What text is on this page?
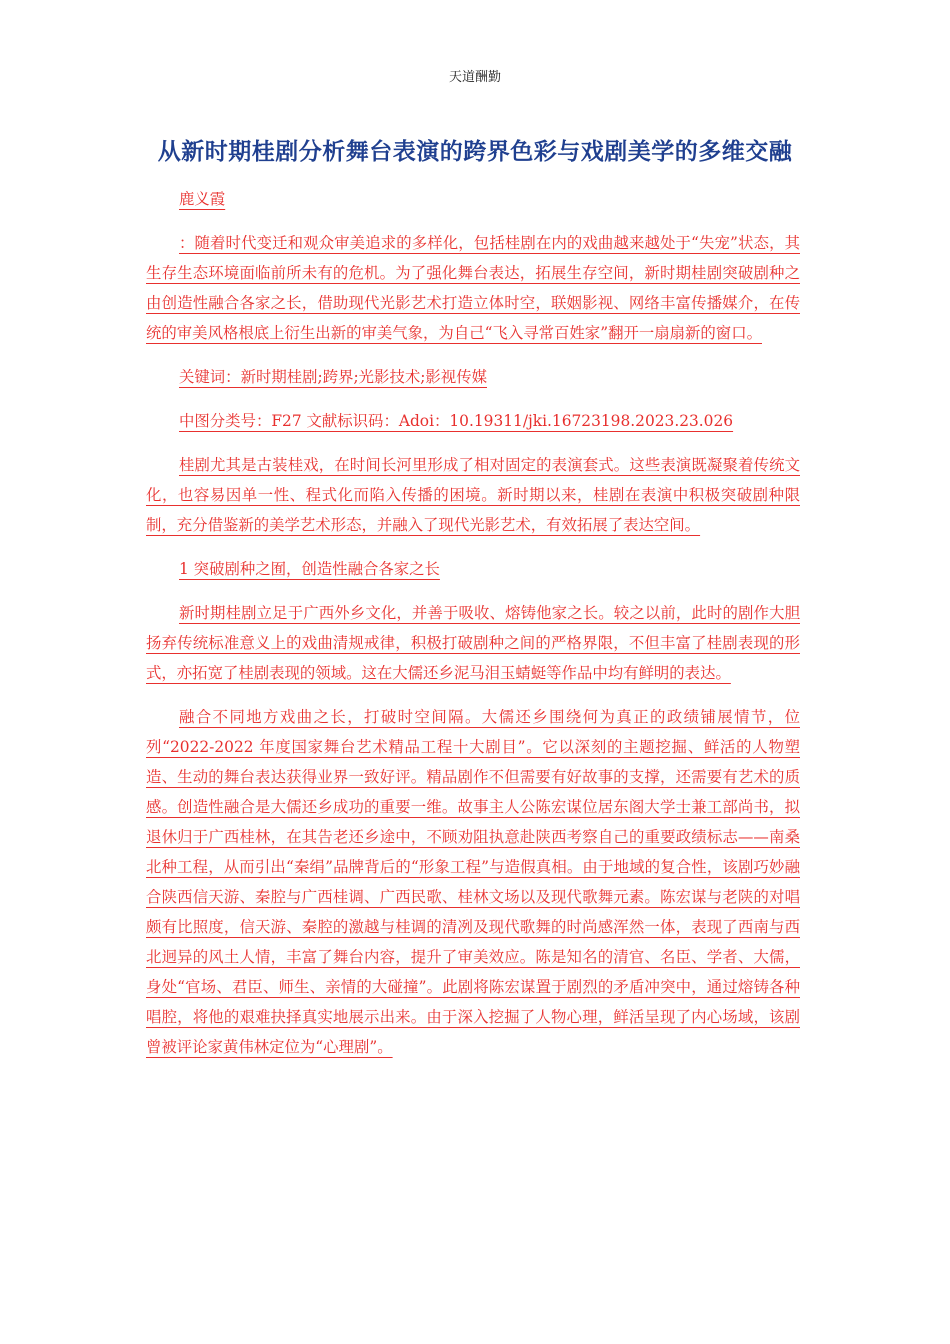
天道酬勤
从新时期桂剧分析舞台表演的跨界色彩与戏剧美学的多维交融

鹿义霞

：随着时代变迁和观众审美追求的多样化，包括桂剧在内的戏曲越来越处于“失宠”状态，其生存生态环境面临前所未有的危机。为了强化舞台表达，拓展生存空间，新时期桂剧突破剧种之由创造性融合各家之长，借助现代光影艺术打造立体时空，联姻影视、网络丰富传播媒介，在传统的审美风格根底上衍生出新的审美气象，为自己“飞入寻常百姓家”翻开一扇扇新的窗口。

关键词：新时期桂剧;跨界;光影技术;影视传媒

中图分类号：F27 文献标识码：Adoi：10.19311/jki.16723198.2023.23.026

桂剧尤其是古装桂戏，在时间长河里形成了相对固定的表演套式。这些表演既凝聚着传统文化，也容易因单一性、程式化而陷入传播的困境。新时期以来，桂剧在表演中积极突破剧种限制，充分借鉴新的美学艺术形态，并融入了现代光影艺术，有效拓展了表达空间。

1 突破剧种之囿，创造性融合各家之长

新时期桂剧立足于广西外乡文化，并善于吸收、熔铸他家之长。较之以前，此时的剧作大胆扬弃传统标准意义上的戏曲清规戒律，积极打破剧种之间的严格界限，不但丰富了桂剧表现的形式，亦拓宽了桂剧表现的领域。这在大儒还乡泥马泪玉蜻蜓等作品中均有鲜明的表达。

融合不同地方戏曲之长，打破时空间隔。大儒还乡围绕何为真正的政绩铺展情节，位列“2022-2022 年度国家舞台艺术精品工程十大剧目”。它以深刻的主题挖掘、鲜活的人物塑造、生动的舞台表达获得业界一致好评。精品剧作不但需要有好故事的支撑，还需要有艺术的质感。创造性融合是大儒还乡成功的重要一维。故事主人公陈宏谋位居东阁大学士兼工部尚书，拟退休归于广西桂林，在其告老还乡途中，不顾劝阻执意赴陕西考察自己的重要政绩标志——南桑北种工程，从而引出“秦绢”品牌背后的“形象工程”与造假真相。由于地域的复合性，该剧巧妙融合陕西信天游、秦腔与广西桂调、广西民歌、桂林文场以及现代歌舞元素。陈宏谋与老陕的对唱颇有比照度，信天游、秦腔的激越与桂调的清冽及现代歌舞的时尚感浑然一体，表现了西南与西北迥异的风土人情，丰富了舞台内容，提升了审美效应。陈是知名的清官、名臣、学者、大儒，身处“官场、君臣、师生、亲情的大碰撞”。此剧将陈宏谋置于剧烈的矛盾冲突中，通过熔铸各种唱腔，将他的艰难抉择真实地展示出来。由于深入挖掘了人物心理，鲜活呈现了内心场域，该剧曾被评论家黄伟林定位为“心理剧”。
